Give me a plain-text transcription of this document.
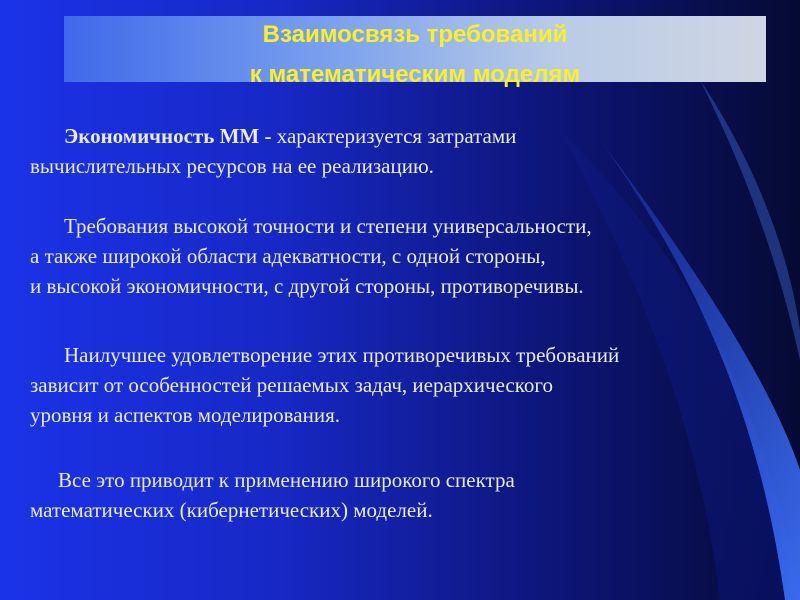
Взаимосвязь требований
к математическим моделям
Экономичность ММ - характеризуется затратами
вычислительных ресурсов на ее реализацию.
Требования высокой точности и степени универсальности,
а также широкой области адекватности, с одной стороны,
и высокой экономичности, с другой стороны, противоречивы.
Наилучшее удовлетворение этих противоречивых требований
зависит от особенностей решаемых задач, иерархического
уровня и аспектов моделирования.
Все это приводит к применению широкого спектра
математических (кибернетических) моделей.
